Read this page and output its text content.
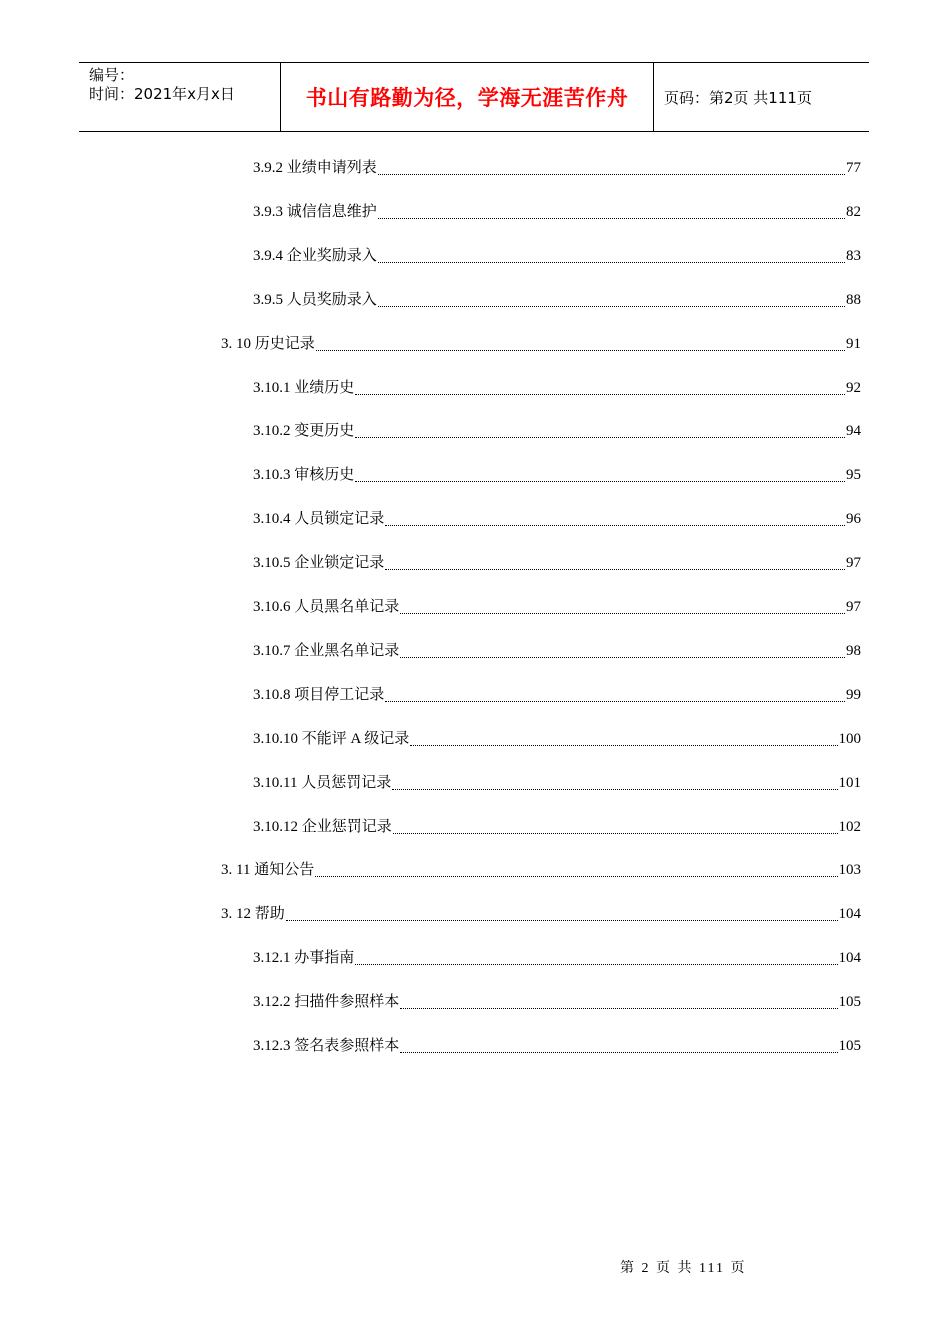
编号：
时间：2021年x月x日	书山有路勤为径，学海无涯苦作舟	页码：第2页 共111页
3.9.2 业绩申请列表	77
3.9.3 诚信信息维护	82
3.9.4 企业奖励录入	83
3.9.5 人员奖励录入	88
3. 10 历史记录	91
3.10.1 业绩历史	92
3.10.2 变更历史	94
3.10.3 审核历史	95
3.10.4 人员锁定记录	96
3.10.5 企业锁定记录	97
3.10.6 人员黑名单记录	97
3.10.7 企业黑名单记录	98
3.10.8 项目停工记录	99
3.10.10 不能评 A 级记录	100
3.10.11 人员惩罚记录	101
3.10.12 企业惩罚记录	102
3. 11 通知公告	103
3. 12 帮助	104
3.12.1 办事指南	104
3.12.2 扫描件参照样本	105
3.12.3 签名表参照样本	105
第 2 页 共 111 页
